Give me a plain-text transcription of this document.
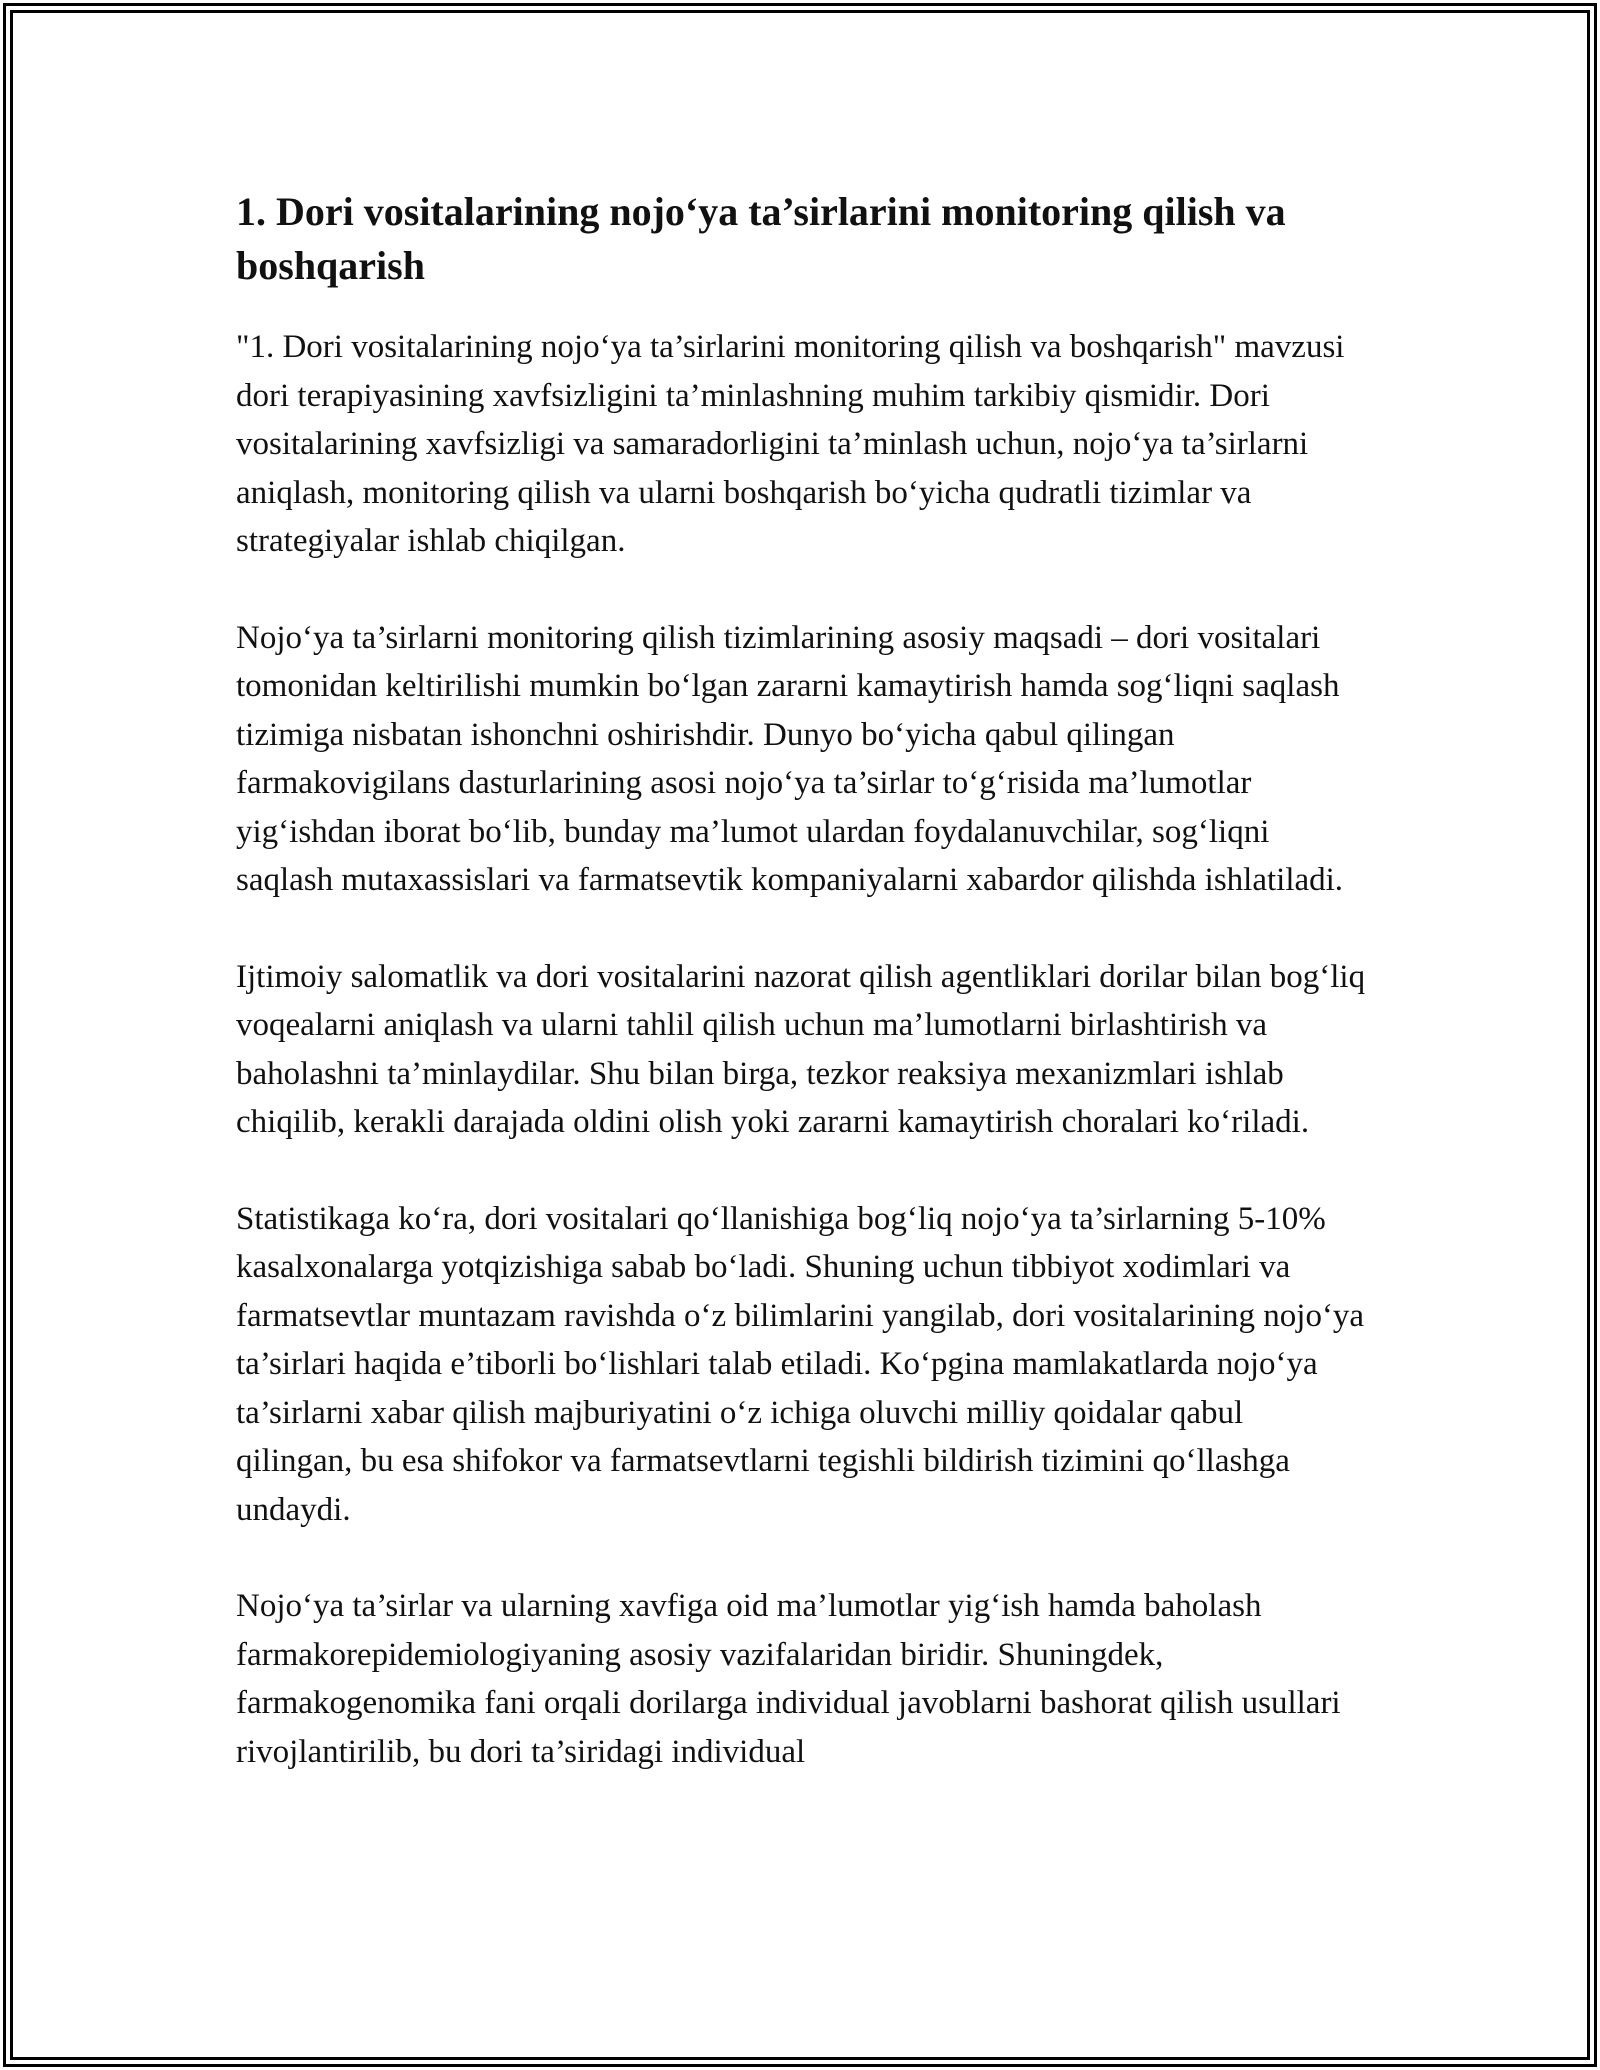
1. Dori vositalarining nojo‘ya ta’sirlarini monitoring qilish va boshqarish

"1. Dori vositalarining nojo‘ya ta’sirlarini monitoring qilish va boshqarish" mavzusi dori terapiyasining xavfsizligini ta’minlashning muhim tarkibiy qismidir. Dori vositalarining xavfsizligi va samaradorligini ta’minlash uchun, nojo‘ya ta’sirlarni aniqlash, monitoring qilish va ularni boshqarish bo‘yicha qudratli tizimlar va strategiyalar ishlab chiqilgan.

Nojo‘ya ta’sirlarni monitoring qilish tizimlarining asosiy maqsadi – dori vositalari tomonidan keltirilishi mumkin bo‘lgan zararni kamaytirish hamda sog‘liqni saqlash tizimiga nisbatan ishonchni oshirishdir. Dunyo bo‘yicha qabul qilingan farmakovigilans dasturlarining asosi nojo‘ya ta’sirlar to‘g‘risida ma’lumotlar yig‘ishdan iborat bo‘lib, bunday ma’lumot ulardan foydalanuvchilar, sog‘liqni saqlash mutaxassislari va farmatsevtik kompaniyalarni xabardor qilishda ishlatiladi.

Ijtimoiy salomatlik va dori vositalarini nazorat qilish agentliklari dorilar bilan bog‘liq voqealarni aniqlash va ularni tahlil qilish uchun ma’lumotlarni birlashtirish va baholashni ta’minlaydilar. Shu bilan birga, tezkor reaksiya mexanizmlari ishlab chiqilib, kerakli darajada oldini olish yoki zararni kamaytirish choralari ko‘riladi.

Statistikaga ko‘ra, dori vositalari qo‘llanishiga bog‘liq nojo‘ya ta’sirlarning 5-10% kasalxonalarga yotqizishiga sabab bo‘ladi. Shuning uchun tibbiyot xodimlari va farmatsevtlar muntazam ravishda o‘z bilimlarini yangilab, dori vositalarining nojo‘ya ta’sirlari haqida e’tiborli bo‘lishlari talab etiladi. Ko‘pgina mamlakatlarda nojo‘ya ta’sirlarni xabar qilish majburiyatini o‘z ichiga oluvchi milliy qoidalar qabul qilingan, bu esa shifokor va farmatsevtlarni tegishli bildirish tizimini qo‘llashga undaydi.

Nojo‘ya ta’sirlar va ularning xavfiga oid ma’lumotlar yig‘ish hamda baholash farmakorepidemiologiyaning asosiy vazifalaridan biridir. Shuningdek, farmakogenomika fani orqali dorilarga individual javoblarni bashorat qilish usullari rivojlantirilib, bu dori ta’siridagi individual
